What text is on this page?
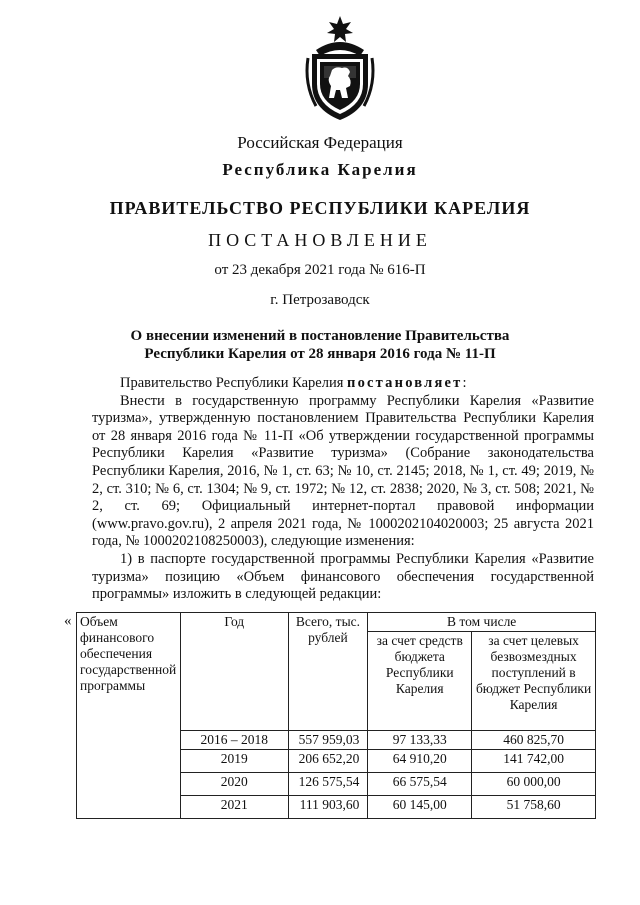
Российская Федерация
Республика Карелия
ПРАВИТЕЛЬСТВО РЕСПУБЛИКИ КАРЕЛИЯ
ПОСТАНОВЛЕНИЕ
от 23 декабря 2021 года № 616-П
г. Петрозаводск
О внесении изменений в постановление Правительства
Республики Карелия от 28 января 2016 года № 11-П

Правительство Республики Карелия постановляет:

Внести в государственную программу Республики Карелия «Развитие туризма», утвержденную постановлением Правительства Республики Карелия от 28 января 2016 года № 11-П «Об утверждении государственной программы Республики Карелия «Развитие туризма» (Собрание законодательства Республики Карелия, 2016, № 1, ст. 63; № 10, ст. 2145; 2018, № 1, ст. 49; 2019, № 2, ст. 310; № 6, ст. 1304; № 9, ст. 1972; № 12, ст. 2838; 2020, № 3, ст. 508; 2021, № 2, ст. 69; Официальный интернет-портал правовой информации (www.pravo.gov.ru), 2 апреля 2021 года, № 1000202104020003; 25 августа 2021 года, № 1000202108250003), следующие изменения:

1) в паспорте государственной программы Республики Карелия «Развитие туризма» позицию «Объем финансового обеспечения государственной программы» изложить в следующей редакции:

« Объем финансового обеспечения государственной программы	Год	Всего, тыс. рублей	В том числе	
			за счет средств бюджета Республики Карелия	за счет целевых безвозмездных поступлений в бюджет Республики Карелия
	2016 – 2018	557 959,03	97 133,33	460 825,70
	2019	206 652,20	64 910,20	141 742,00
	2020	126 575,54	66 575,54	60 000,00
	2021	111 903,60	60 145,00	51 758,60
